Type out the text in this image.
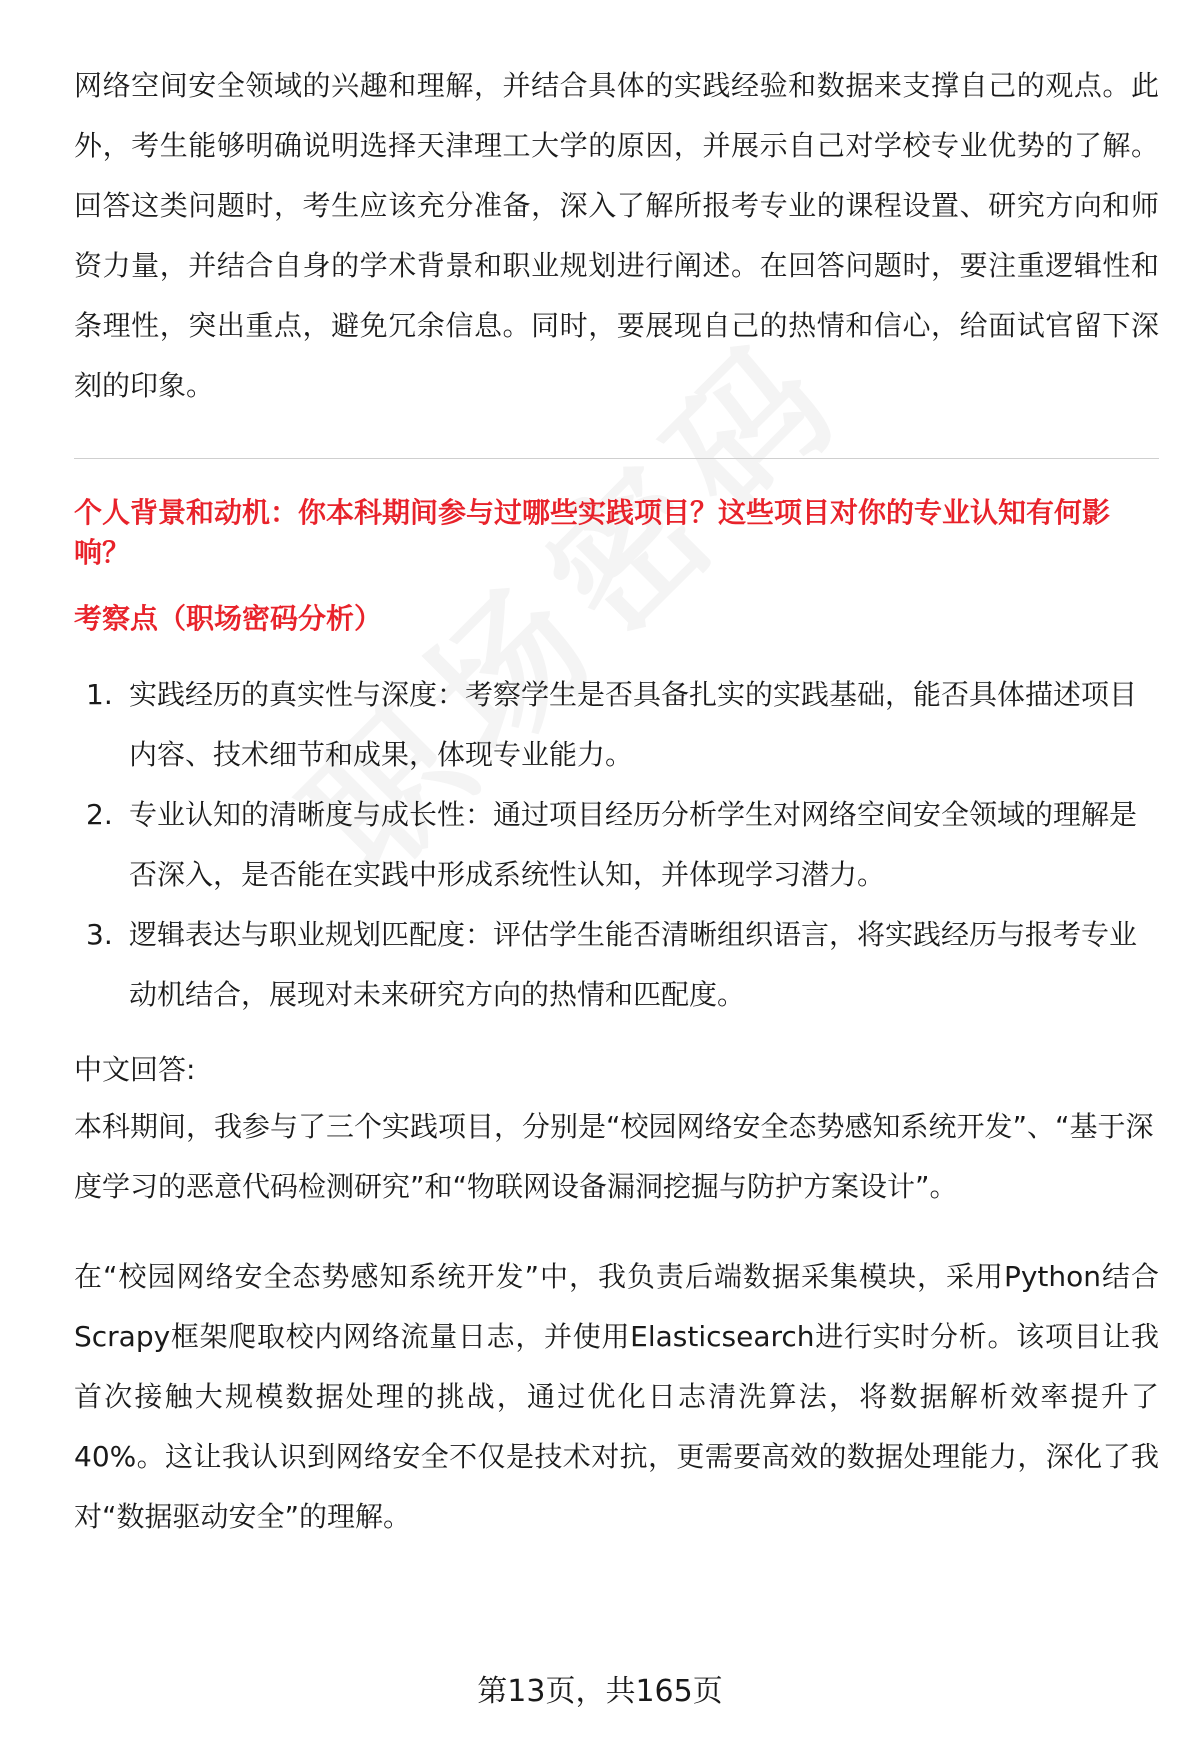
网络空间安全领域的兴趣和理解，并结合具体的实践经验和数据来支撑自己的观点。此外，考生能够明确说明选择天津理工大学的原因，并展示自己对学校专业优势的了解。回答这类问题时，考生应该充分准备，深入了解所报考专业的课程设置、研究方向和师资力量，并结合自身的学术背景和职业规划进行阐述。在回答问题时，要注重逻辑性和条理性，突出重点，避免冗余信息。同时，要展现自己的热情和信心，给面试官留下深刻的印象。

个人背景和动机：你本科期间参与过哪些实践项目？这些项目对你的专业认知有何影响？
考察点（职场密码分析）
1. 实践经历的真实性与深度：考察学生是否具备扎实的实践基础，能否具体描述项目内容、技术细节和成果，体现专业能力。
2. 专业认知的清晰度与成长性：通过项目经历分析学生对网络空间安全领域的理解是否深入，是否能在实践中形成系统性认知，并体现学习潜力。
3. 逻辑表达与职业规划匹配度：评估学生能否清晰组织语言，将实践经历与报考专业动机结合，展现对未来研究方向的热情和匹配度。
中文回答:

本科期间，我参与了三个实践项目，分别是“校园网络安全态势感知系统开发”、“基于深度学习的恶意代码检测研究”和“物联网设备漏洞挖掘与防护方案设计”。

在“校园网络安全态势感知系统开发”中，我负责后端数据采集模块，采用Python结合Scrapy框架爬取校内网络流量日志，并使用Elasticsearch进行实时分析。该项目让我首次接触大规模数据处理的挑战，通过优化日志清洗算法，将数据解析效率提升了40%。这让我认识到网络安全不仅是技术对抗，更需要高效的数据处理能力，深化了我对“数据驱动安全”的理解。

第13页，共165页
